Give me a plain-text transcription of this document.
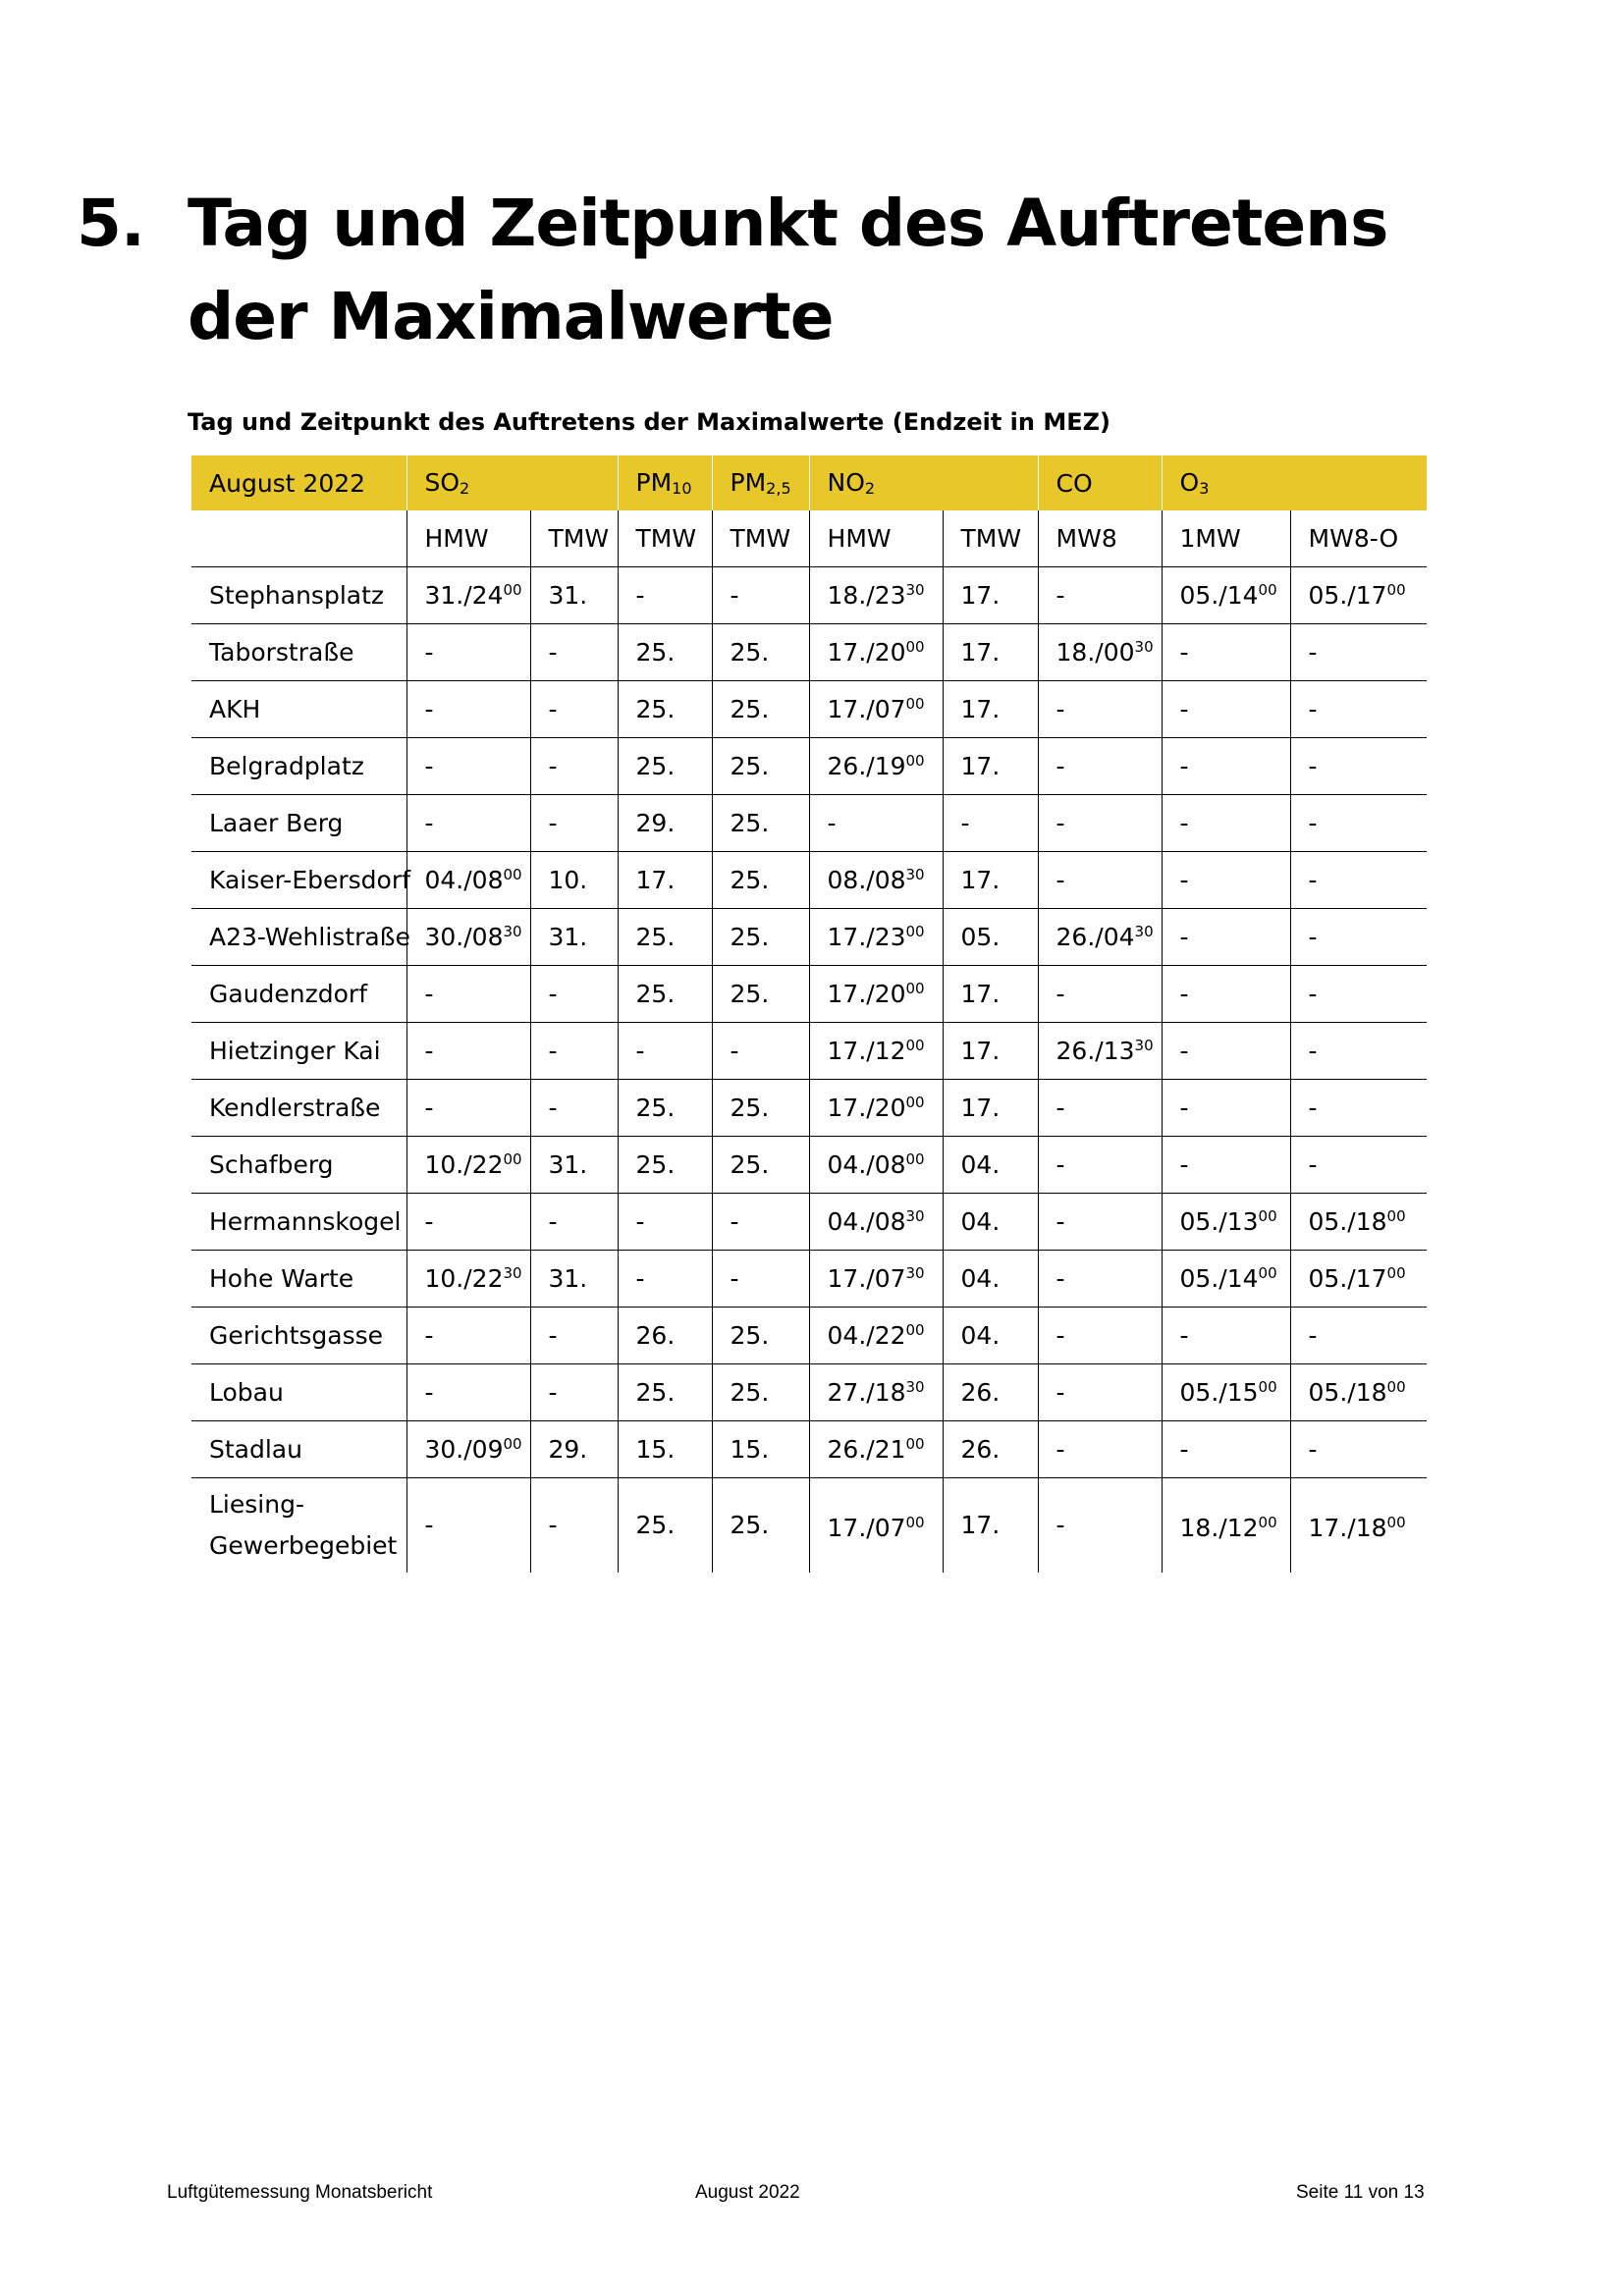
5. Tag und Zeitpunkt des Auftretens der Maximalwerte
Tag und Zeitpunkt des Auftretens der Maximalwerte (Endzeit in MEZ)
August 2022	$SO_2$		$PM_{10}$	$PM_{2,5}$	$NO_2$		CO	$O_3$
	HMW	TMW	TMW	TMW	HMW	TMW	MW8	1MW	MW8-O
Stephansplatz	$31./24^{00}$	31.	-	-	$18./23^{30}$	17.	-	$05./14^{00}$	$05./17^{00}$
Taborstraße	-	-	25.	25.	$17./20^{00}$	17.	$18./00^{30}$	-	-
AKH	-	-	25.	25.	$17./07^{00}$	17.	-	-	-
Belgradplatz	-	-	25.	25.	$26./19^{00}$	17.	-	-	-
Laaer Berg	-	-	29.	25.	-	-	-	-	-
Kaiser-Ebersdorf	$04./08^{00}$	10.	17.	25.	$08./08^{30}$	17.	-	-	-
A23-Wehlistraße	$30./08^{30}$	31.	25.	25.	$17./23^{00}$	05.	$26./04^{30}$	-	-
Gaudenzdorf	-	-	25.	25.	$17./20^{00}$	17.	-	-	-
Hietzinger Kai	-	-	-	-	$17./12^{00}$	17.	$26./13^{30}$	-	-
Kendlerstraße	-	-	25.	25.	$17./20^{00}$	17.	-	-	-
Schafberg	$10./22^{00}$	31.	25.	25.	$04./08^{00}$	04.	-	-	-
Hermannskogel	-	-	-	-	$04./08^{30}$	04.	-	$05./13^{00}$	$05./18^{00}$
Hohe Warte	$10./22^{30}$	31.	-	-	$17./07^{30}$	04.	-	$05./14^{00}$	$05./17^{00}$
Gerichtsgasse	-	-	26.	25.	$04./22^{00}$	04.	-	-	-
Lobau	-	-	25.	25.	$27./18^{30}$	26.	-	$05./15^{00}$	$05./18^{00}$
Stadlau	$30./09^{00}$	29.	15.	15.	$26./21^{00}$	26.	-	-	-
Liesing-
Gewerbegebiet	-	-	25.	25.	$17./07^{00}$	17.	-	$18./12^{00}$	$17./18^{00}$
Luftgütemessung Monatsbericht	August 2022	Seite 11 von 13
